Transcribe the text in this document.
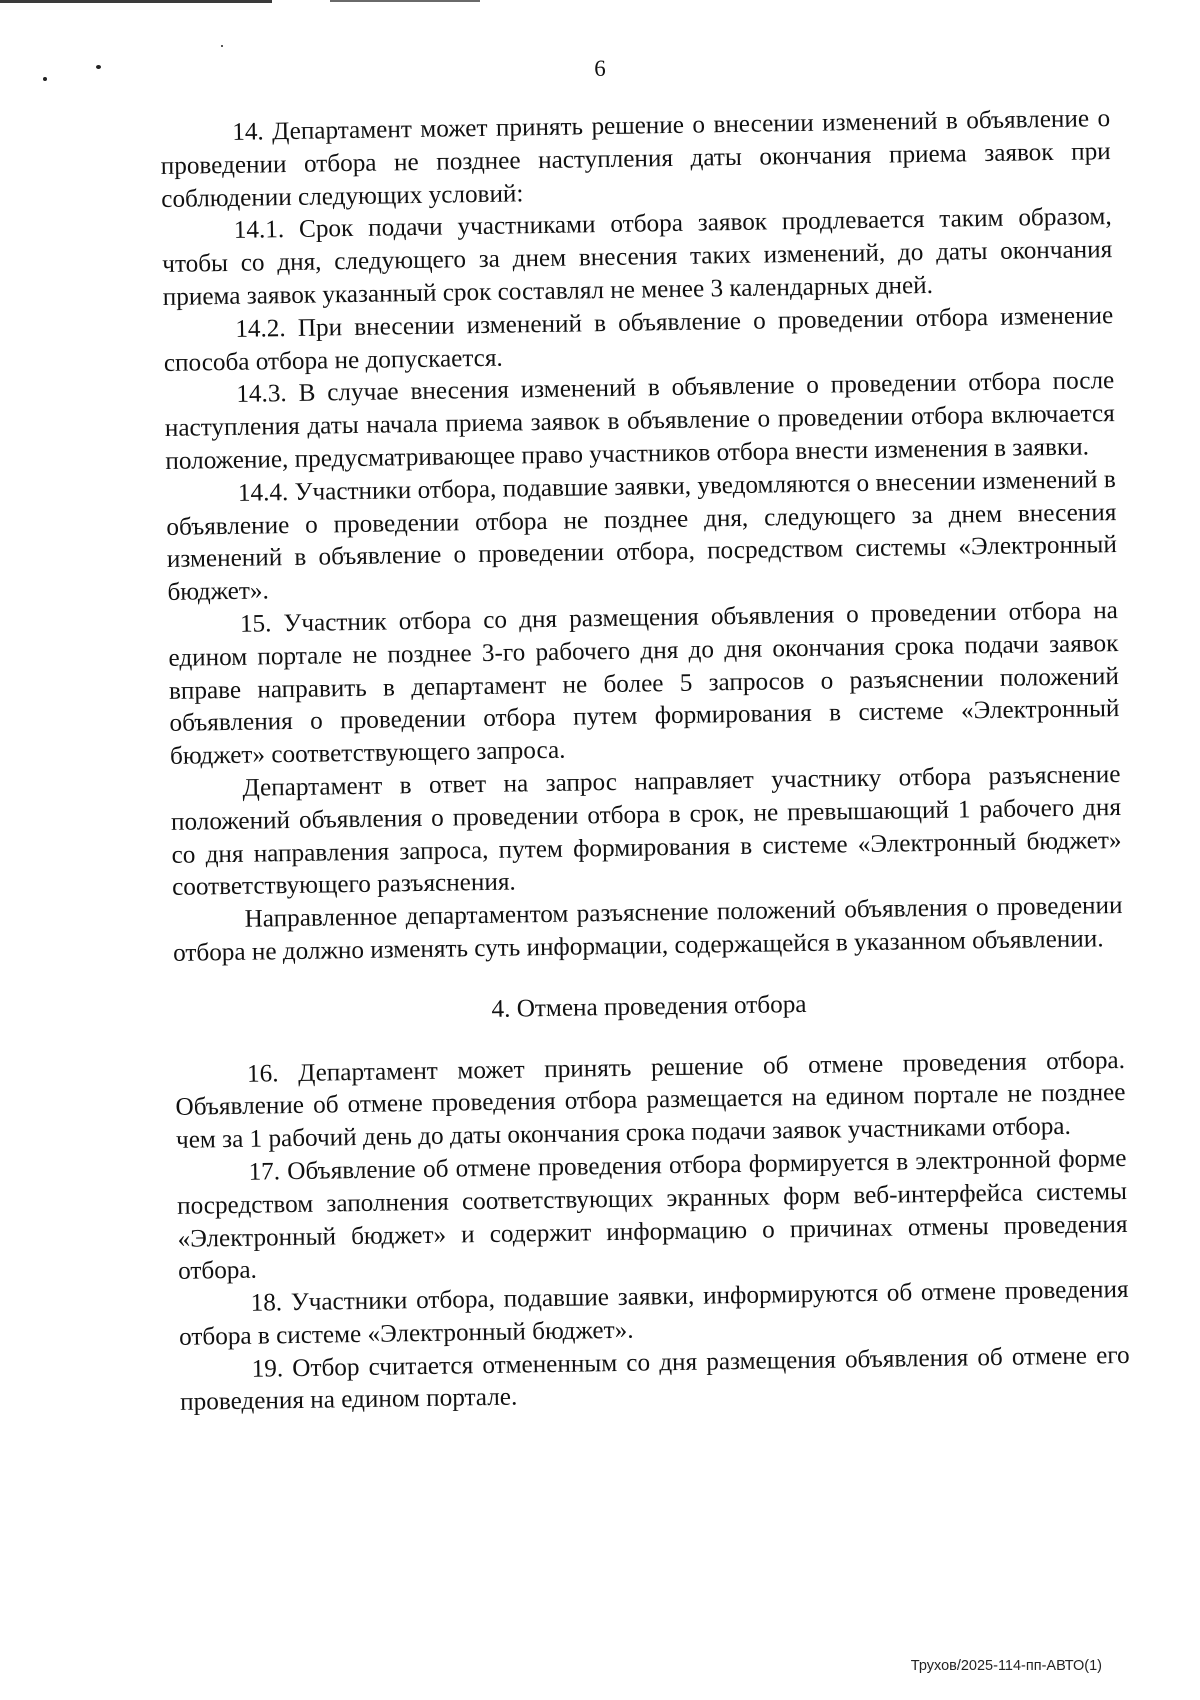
6

14. Департамент может принять решение о внесении изменений в объявление о проведении отбора не позднее наступления даты окончания приема заявок при соблюдении следующих условий:

14.1. Срок подачи участниками отбора заявок продлевается таким образом, чтобы со дня, следующего за днем внесения таких изменений, до даты окончания приема заявок указанный срок составлял не менее 3 календарных дней.

14.2. При внесении изменений в объявление о проведении отбора изменение способа отбора не допускается.

14.3. В случае внесения изменений в объявление о проведении отбора после наступления даты начала приема заявок в объявление о проведении отбора включается положение, предусматривающее право участников отбора внести изменения в заявки.

14.4. Участники отбора, подавшие заявки, уведомляются о внесении изменений в объявление о проведении отбора не позднее дня, следующего за днем внесения изменений в объявление о проведении отбора, посредством системы «Электронный бюджет».

15. Участник отбора со дня размещения объявления о проведении отбора на едином портале не позднее 3-го рабочего дня до дня окончания срока подачи заявок вправе направить в департамент не более 5 запросов о разъяснении положений объявления о проведении отбора путем формирования в системе «Электронный бюджет» соответствующего запроса.

Департамент в ответ на запрос направляет участнику отбора разъяснение положений объявления о проведении отбора в срок, не превышающий 1 рабочего дня со дня направления запроса, путем формирования в системе «Электронный бюджет» соответствующего разъяснения.

Направленное департаментом разъяснение положений объявления о проведении отбора не должно изменять суть информации, содержащейся в указанном объявлении.

4. Отмена проведения отбора

16. Департамент может принять решение об отмене проведения отбора. Объявление об отмене проведения отбора размещается на едином портале не позднее чем за 1 рабочий день до даты окончания срока подачи заявок участниками отбора.

17. Объявление об отмене проведения отбора формируется в электронной форме посредством заполнения соответствующих экранных форм веб-интерфейса системы «Электронный бюджет» и содержит информацию о причинах отмены проведения отбора.

18. Участники отбора, подавшие заявки, информируются об отмене проведения отбора в системе «Электронный бюджет».

19. Отбор считается отмененным со дня размещения объявления об отмене его проведения на едином портале.

Трухов/2025-114-пп-АВТО(1)
